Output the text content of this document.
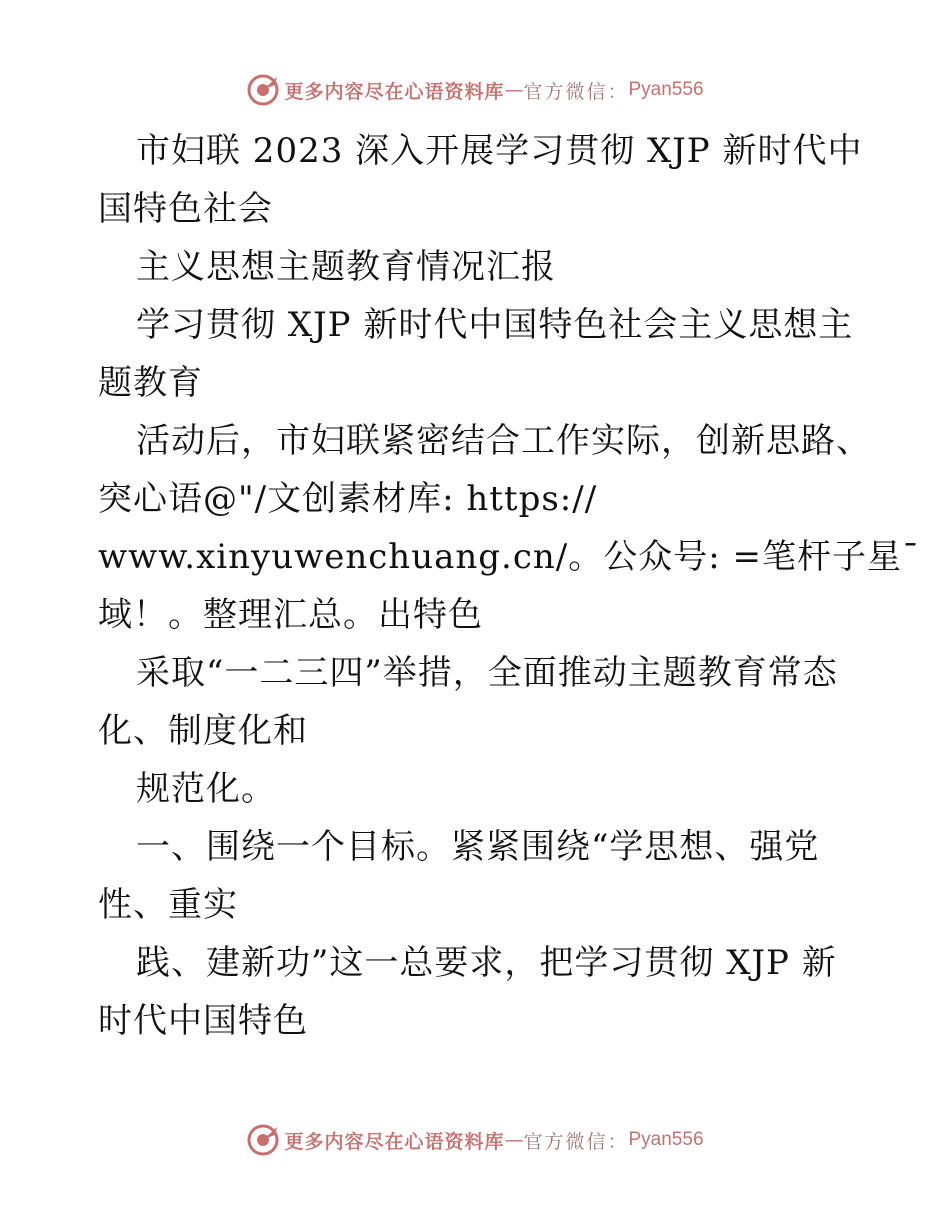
更多内容尽在心语资料库 — 官方微信： Pyan556
市妇联 2023 深入开展学习贯彻 XJP 新时代中
国特色社会
主义思想主题教育情况汇报
学习贯彻 XJP 新时代中国特色社会主义思想主
题教育
活动后，市妇联紧密结合工作实际，创新思路、
突心语@"/文创素材库: https://
www.xinyuwenchuang.cn/。公众号: =笔杆子星¯
域！。整理汇总。出特色
采取“一二三四”举措，全面推动主题教育常态
化、制度化和
规范化。
一、围绕一个目标。紧紧围绕“学思想、强党
性、重实
践、建新功”这一总要求，把学习贯彻 XJP 新
时代中国特色
更多内容尽在心语资料库 — 官方微信： Pyan556
